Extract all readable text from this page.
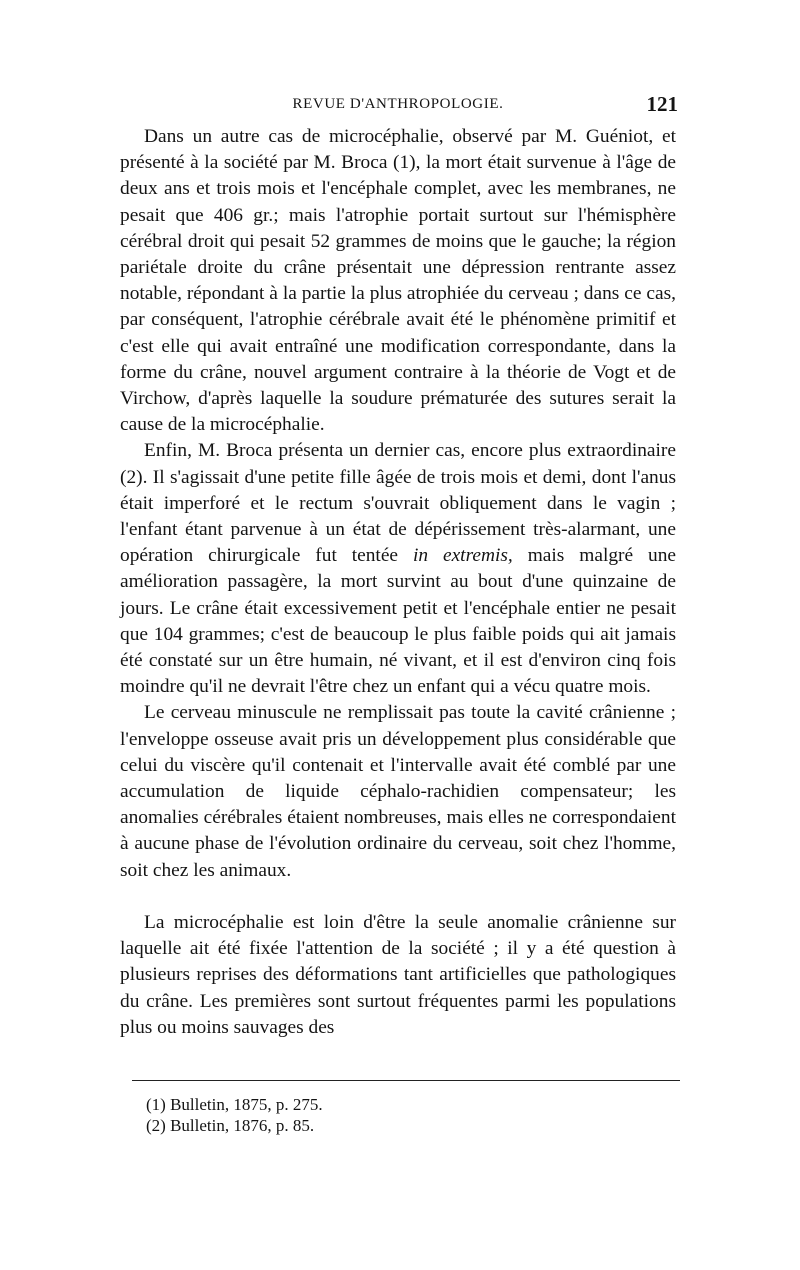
REVUE D'ANTHROPOLOGIE.	121

Dans un autre cas de microcéphalie, observé par M. Guéniot, et présenté à la société par M. Broca (1), la mort était survenue à l'âge de deux ans et trois mois et l'encéphale complet, avec les membranes, ne pesait que 406 gr.; mais l'atrophie portait surtout sur l'hémisphère cérébral droit qui pesait 52 grammes de moins que le gauche; la région pariétale droite du crâne présentait une dépression rentrante assez notable, répondant à la partie la plus atrophiée du cerveau ; dans ce cas, par conséquent, l'atrophie cérébrale avait été le phénomène primitif et c'est elle qui avait entraîné une modification correspondante, dans la forme du crâne, nouvel argument contraire à la théorie de Vogt et de Virchow, d'après laquelle la soudure prématurée des sutures serait la cause de la microcéphalie.

Enfin, M. Broca présenta un dernier cas, encore plus extraordinaire (2). Il s'agissait d'une petite fille âgée de trois mois et demi, dont l'anus était imperforé et le rectum s'ouvrait obliquement dans le vagin ; l'enfant étant parvenue à un état de dépérissement très-alarmant, une opération chirurgicale fut tentée in extremis, mais malgré une amélioration passagère, la mort survint au bout d'une quinzaine de jours. Le crâne était excessivement petit et l'encéphale entier ne pesait que 104 grammes; c'est de beaucoup le plus faible poids qui ait jamais été constaté sur un être humain, né vivant, et il est d'environ cinq fois moindre qu'il ne devrait l'être chez un enfant qui a vécu quatre mois.

Le cerveau minuscule ne remplissait pas toute la cavité crânienne ; l'enveloppe osseuse avait pris un développement plus considérable que celui du viscère qu'il contenait et l'intervalle avait été comblé par une accumulation de liquide céphalo-rachidien compensateur; les anomalies cérébrales étaient nombreuses, mais elles ne correspondaient à aucune phase de l'évolution ordinaire du cerveau, soit chez l'homme, soit chez les animaux.

La microcéphalie est loin d'être la seule anomalie crânienne sur laquelle ait été fixée l'attention de la société ; il y a été question à plusieurs reprises des déformations tant artificielles que pathologiques du crâne. Les premières sont surtout fréquentes parmi les populations plus ou moins sauvages des

(1) Bulletin, 1875, p. 275.

(2) Bulletin, 1876, p. 85.
